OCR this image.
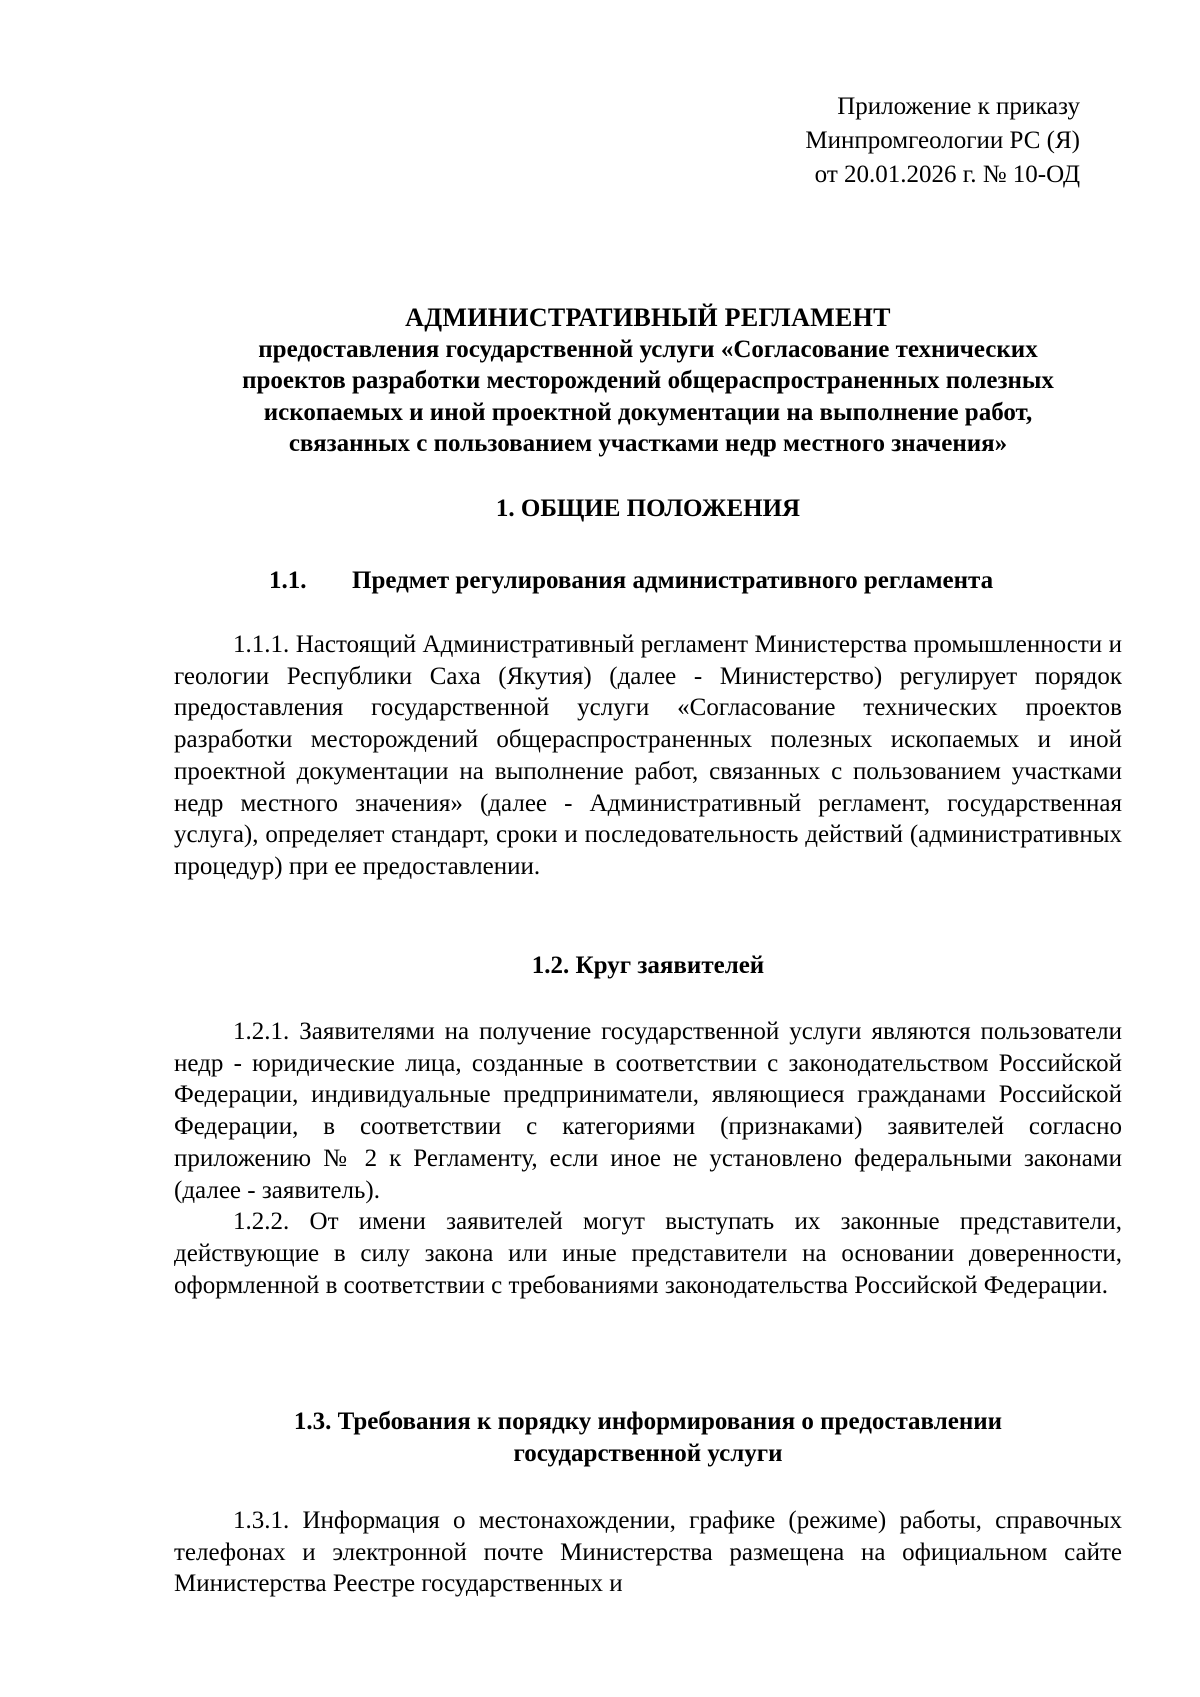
Приложение к приказу
Минпромгеологии РС (Я)
от 20.01.2026 г. № 10-ОД
АДМИНИСТРАТИВНЫЙ РЕГЛАМЕНТ
предоставления государственной услуги «Согласование технических
проектов разработки месторождений общераспространенных полезных
ископаемых и иной проектной документации на выполнение работ,
связанных с пользованием участками недр местного значения»
1. ОБЩИЕ ПОЛОЖЕНИЯ
1.1. Предмет регулирования административного регламента

1.1.1. Настоящий Административный регламент Министерства промышленности и геологии Республики Саха (Якутия) (далее - Министерство) регулирует порядок предоставления государственной услуги «Согласование технических проектов разработки месторождений общераспространенных полезных ископаемых и иной проектной документации на выполнение работ, связанных с пользованием участками недр местного значения» (далее - Административный регламент, государственная услуга), определяет стандарт, сроки и последовательность действий (административных процедур) при ее предоставлении.

1.2. Круг заявителей

1.2.1. Заявителями на получение государственной услуги являются пользователи недр - юридические лица, созданные в соответствии с законодательством Российской Федерации, индивидуальные предприниматели, являющиеся гражданами Российской Федерации, в соответствии с категориями (признаками) заявителей согласно приложению № 2 к Регламенту, если иное не установлено федеральными законами (далее - заявитель).

1.2.2. От имени заявителей могут выступать их законные представители, действующие в силу закона или иные представители на основании доверенности, оформленной в соответствии с требованиями законодательства Российской Федерации.

1.3. Требования к порядку информирования о предоставлении
государственной услуги

1.3.1. Информация о местонахождении, графике (режиме) работы, справочных телефонах и электронной почте Министерства размещена на официальном сайте Министерства Реестре государственных и
